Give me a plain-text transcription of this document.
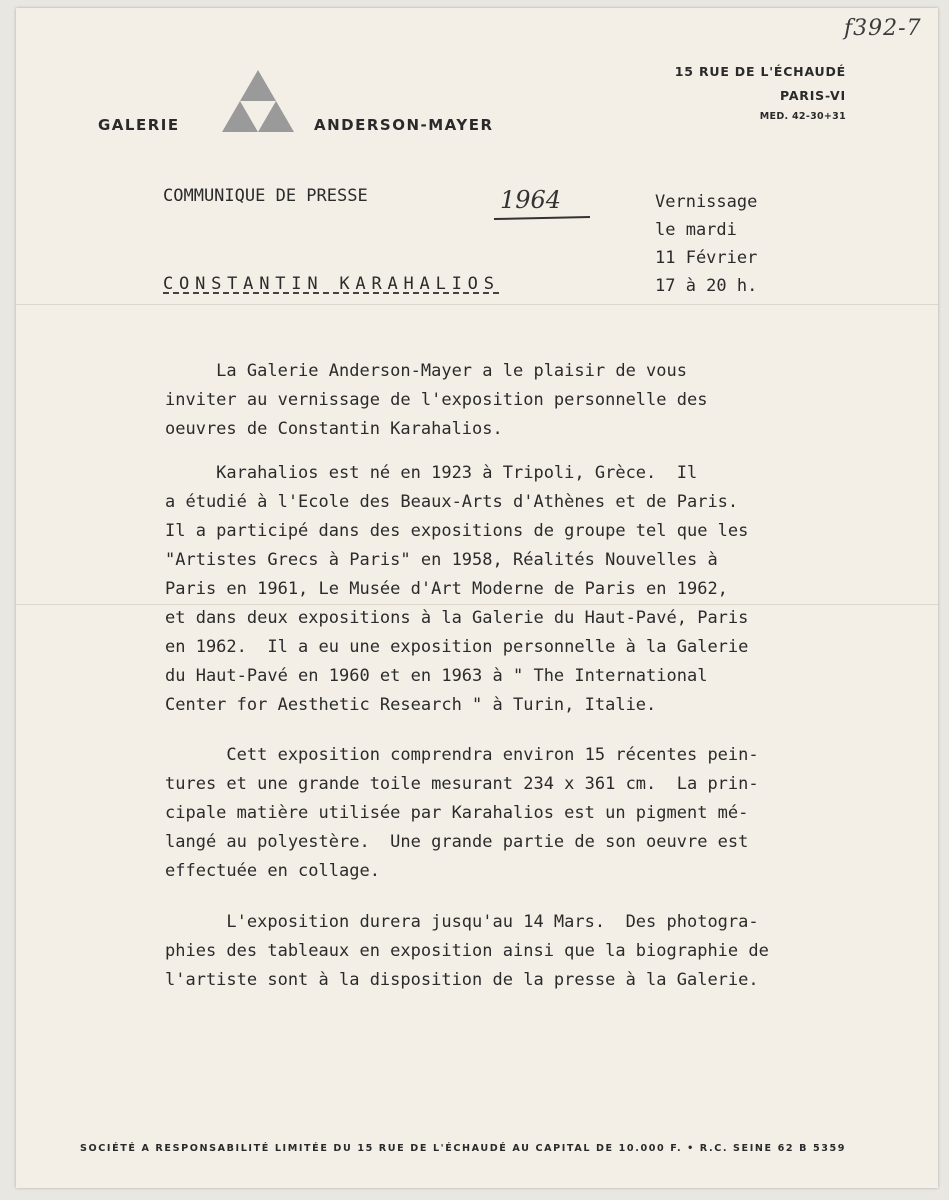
f392-7
GALERIE	ANDERSON-MAYER
15 RUE DE L'ÉCHAUDÉ
PARIS-VI
MED. 42-30+31
COMMUNIQUE DE PRESSE	1964
CONSTANTIN KARAHALIOS
Vernissage
le mardi
11 Février
17 à 20 h.
La Galerie Anderson-Mayer a le plaisir de vous
inviter au vernissage de l'exposition personnelle des
oeuvres de Constantin Karahalios.
Karahalios est né en 1923 à Tripoli, Grèce.  Il
a étudié à l'Ecole des Beaux-Arts d'Athènes et de Paris.
Il a participé dans des expositions de groupe tel que les
"Artistes Grecs à Paris" en 1958, Réalités Nouvelles à
Paris en 1961, Le Musée d'Art Moderne de Paris en 1962,
et dans deux expositions à la Galerie du Haut-Pavé, Paris
en 1962.  Il a eu une exposition personnelle à la Galerie
du Haut-Pavé en 1960 et en 1963 à " The International
Center for Aesthetic Research " à Turin, Italie.
Cett exposition comprendra environ 15 récentes pein-
tures et une grande toile mesurant 234 x 361 cm.  La prin-
cipale matière utilisée par Karahalios est un pigment mé-
langé au polyestère.  Une grande partie de son oeuvre est
effectuée en collage.
L'exposition durera jusqu'au 14 Mars.  Des photogra-
phies des tableaux en exposition ainsi que la biographie de
l'artiste sont à la disposition de la presse à la Galerie.
SOCIÉTÉ A RESPONSABILITÉ LIMITÉE DU 15 RUE DE L'ÉCHAUDÉ AU CAPITAL DE 10.000 F. • R.C. SEINE 62 B 5359
